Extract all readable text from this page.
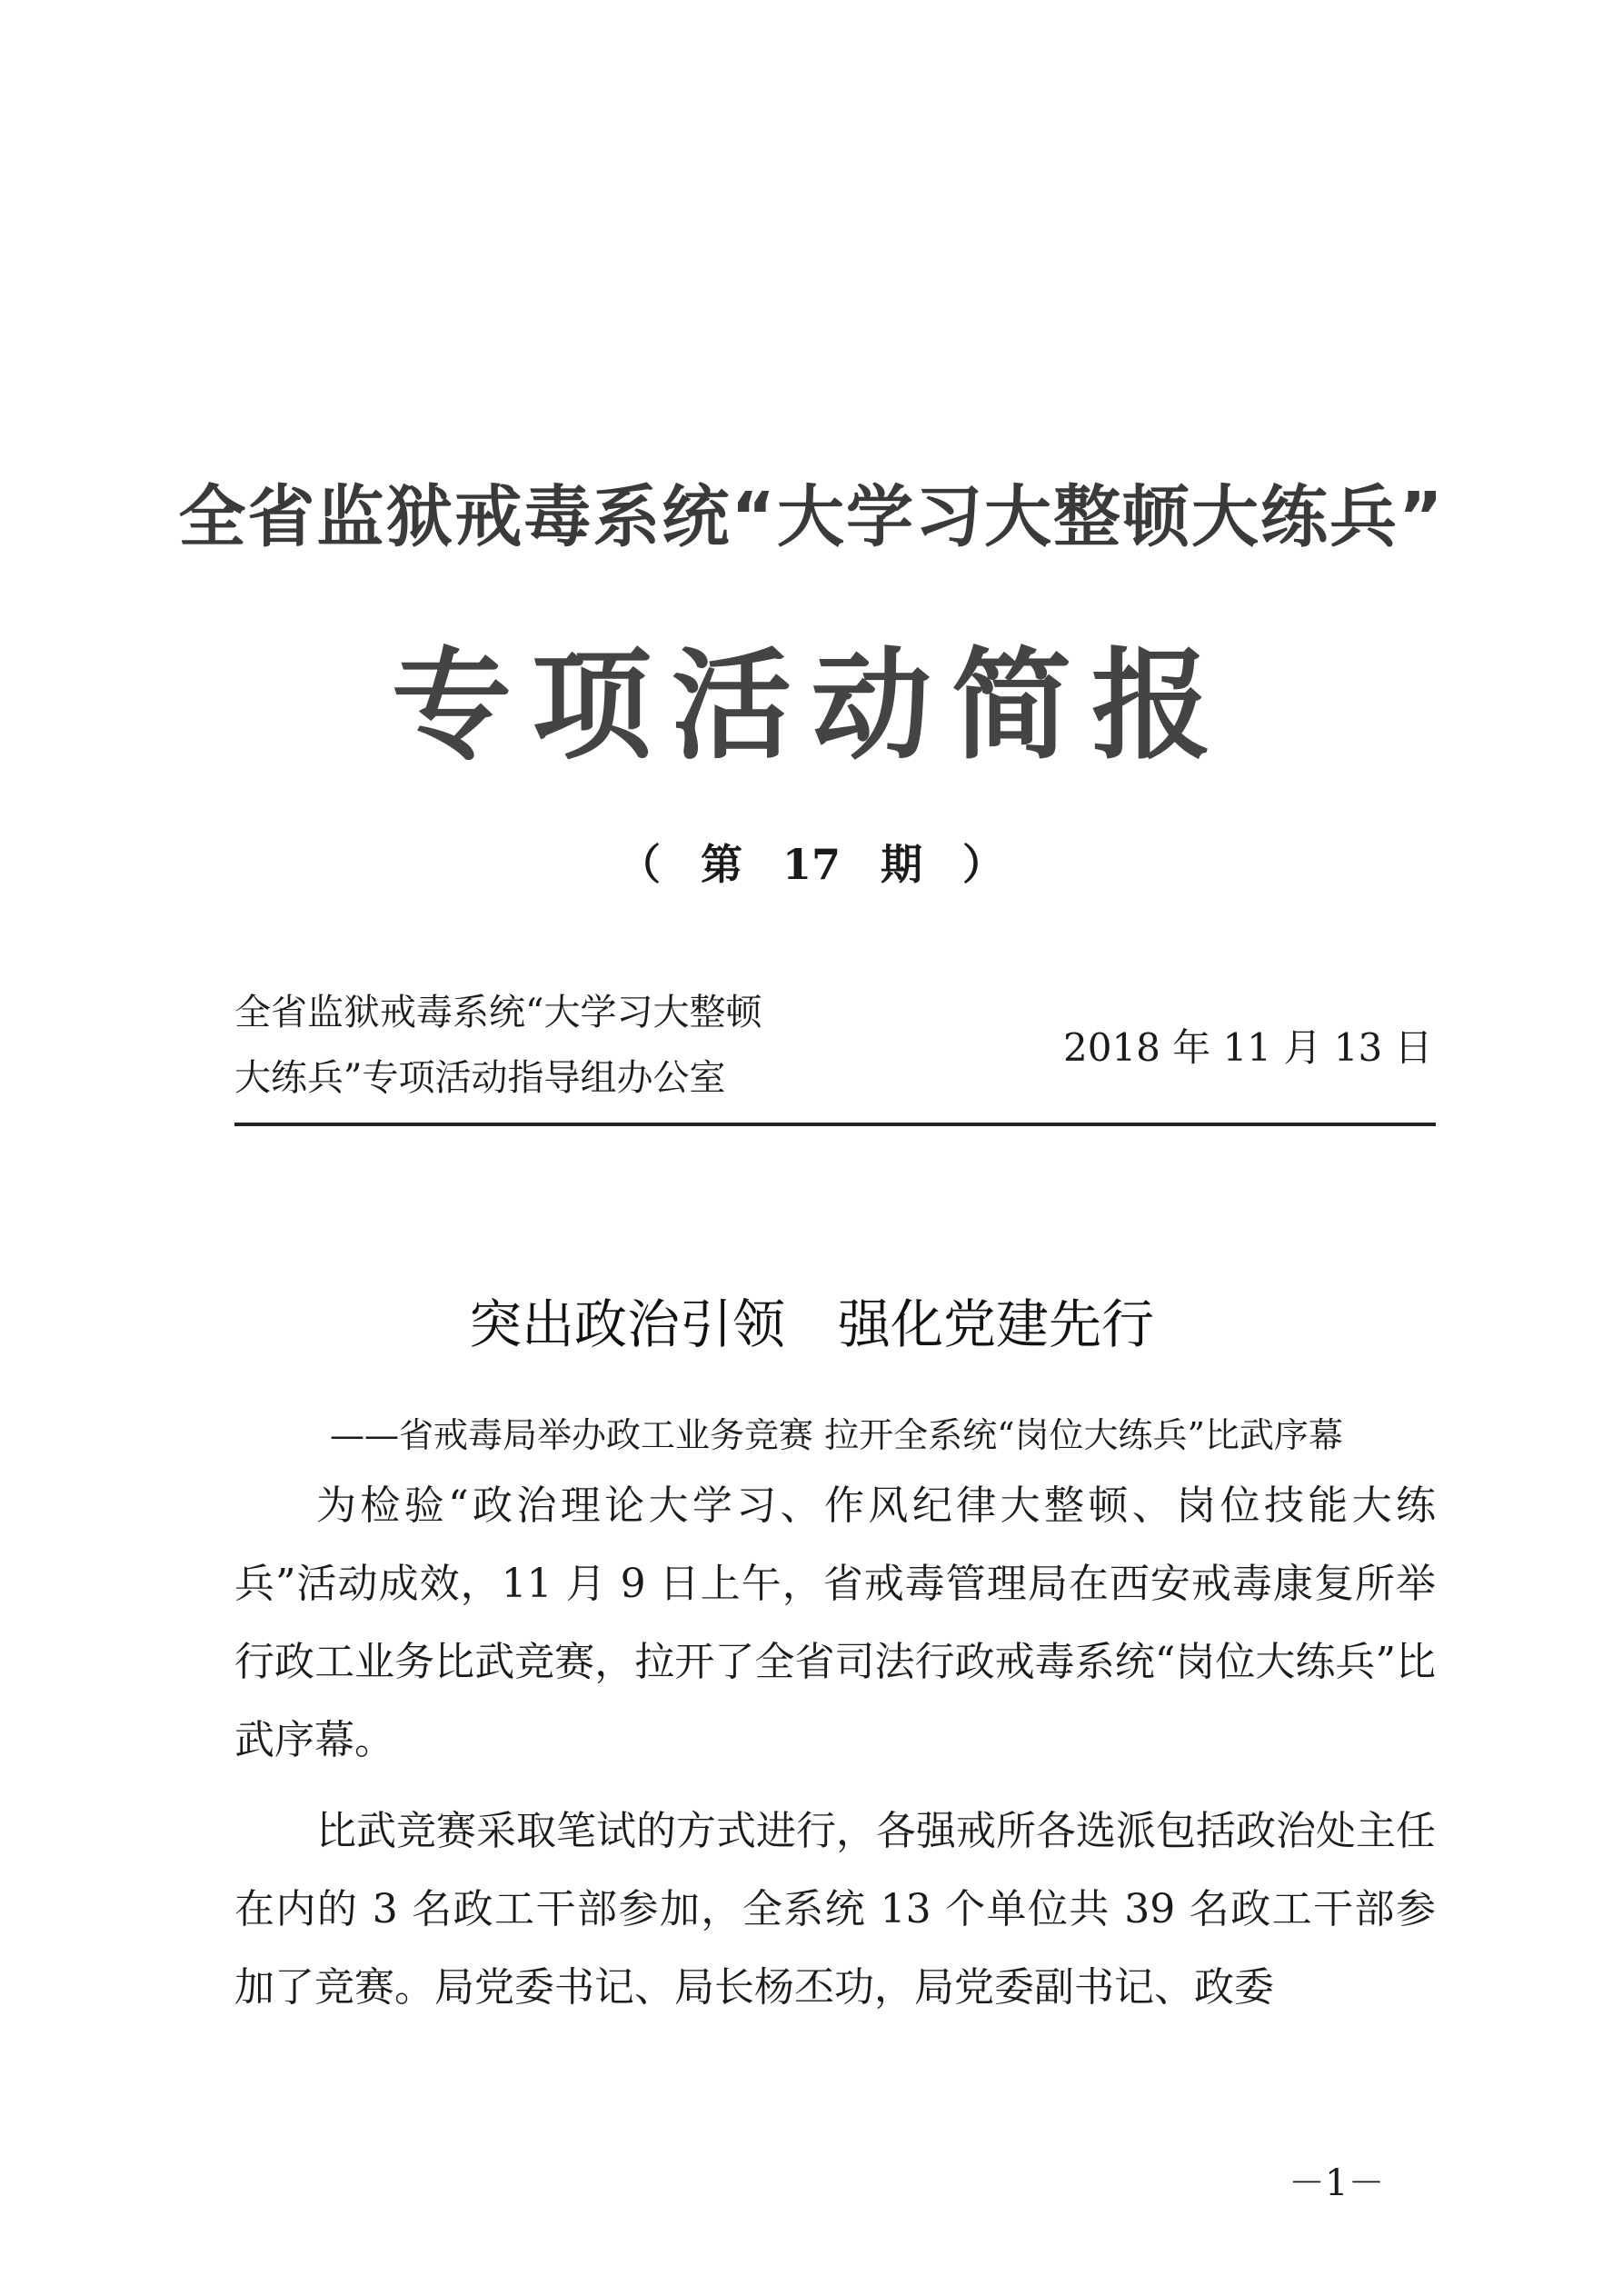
全省监狱戒毒系统“大学习大整顿大练兵”
专项活动简报
（ 第 17 期 ）
全省监狱戒毒系统“大学习大整顿
大练兵”专项活动指导组办公室
2018 年 11 月 13 日
突出政治引领　强化党建先行
——省戒毒局举办政工业务竞赛 拉开全系统“岗位大练兵”比武序幕

为检验“政治理论大学习、作风纪律大整顿、岗位技能大练兵”活动成效，11 月 9 日上午，省戒毒管理局在西安戒毒康复所举行政工业务比武竞赛，拉开了全省司法行政戒毒系统“岗位大练兵”比武序幕。

比武竞赛采取笔试的方式进行，各强戒所各选派包括政治处主任在内的 3 名政工干部参加，全系统 13 个单位共 39 名政工干部参加了竞赛。局党委书记、局长杨丕功，局党委副书记、政委

－1－
